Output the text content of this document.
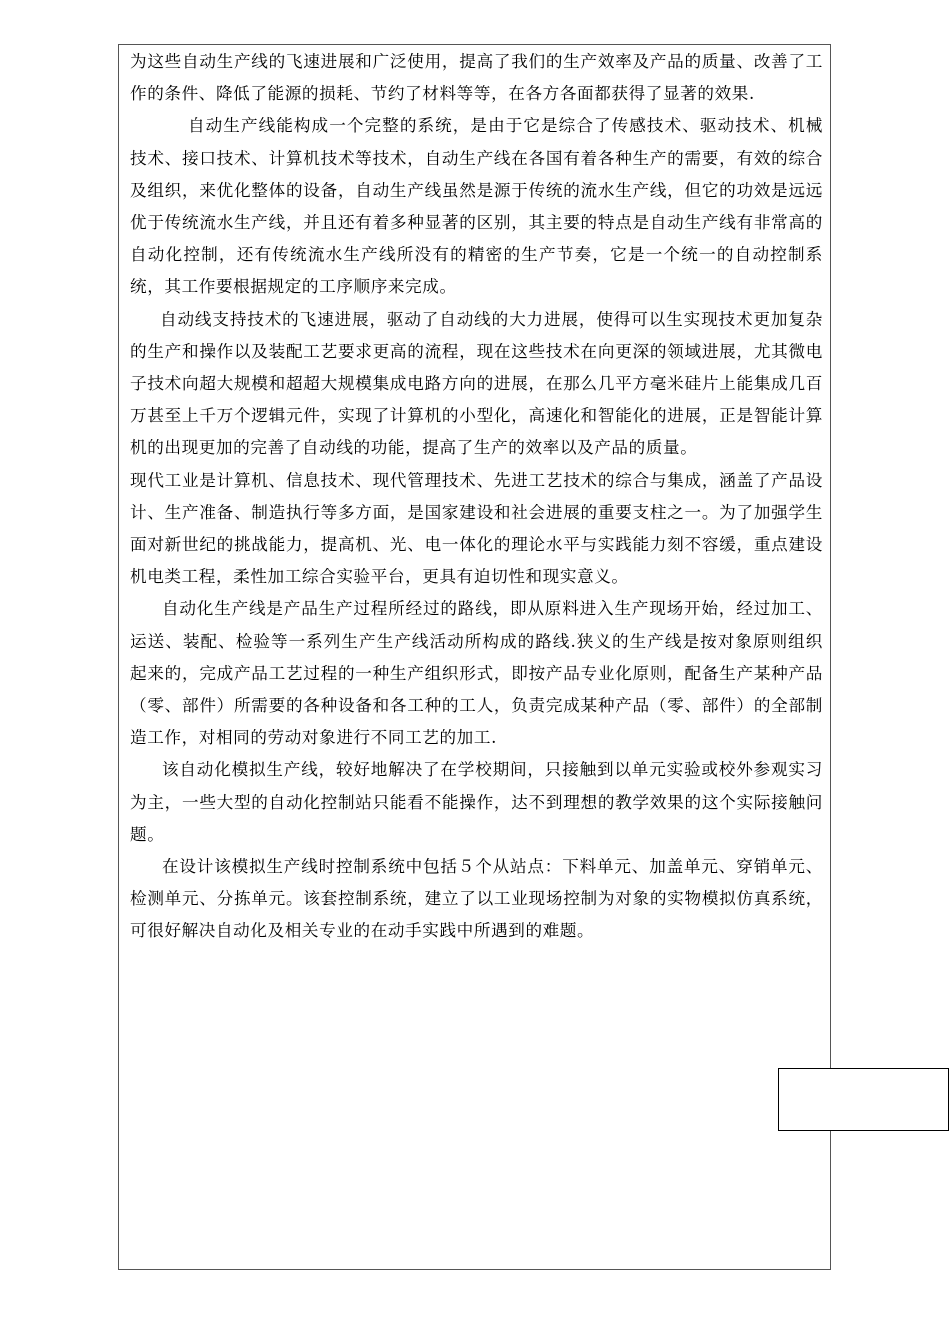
为这些自动生产线的飞速进展和广泛使用，提高了我们的生产效率及产品的质量、改善了工作的条件、降低了能源的损耗、节约了材料等等，在各方各面都获得了显著的效果.

自动生产线能构成一个完整的系统，是由于它是综合了传感技术、驱动技术、机械技术、接口技术、计算机技术等技术，自动生产线在各国有着各种生产的需要，有效的综合及组织，来优化整体的设备，自动生产线虽然是源于传统的流水生产线，但它的功效是远远优于传统流水生产线，并且还有着多种显著的区别，其主要的特点是自动生产线有非常高的自动化控制，还有传统流水生产线所没有的精密的生产节奏，它是一个统一的自动控制系统，其工作要根据规定的工序顺序来完成。

自动线支持技术的飞速进展，驱动了自动线的大力进展，使得可以生实现技术更加复杂的生产和操作以及装配工艺要求更高的流程，现在这些技术在向更深的领域进展，尤其微电子技术向超大规模和超超大规模集成电路方向的进展，在那么几平方毫米硅片上能集成几百万甚至上千万个逻辑元件，实现了计算机的小型化，高速化和智能化的进展，正是智能计算机的出现更加的完善了自动线的功能，提高了生产的效率以及产品的质量。

现代工业是计算机、信息技术、现代管理技术、先进工艺技术的综合与集成，涵盖了产品设计、生产准备、制造执行等多方面，是国家建设和社会进展的重要支柱之一。为了加强学生面对新世纪的挑战能力，提高机、光、电一体化的理论水平与实践能力刻不容缓，重点建设机电类工程，柔性加工综合实验平台，更具有迫切性和现实意义。

自动化生产线是产品生产过程所经过的路线，即从原料进入生产现场开始，经过加工、运送、装配、检验等一系列生产生产线活动所构成的路线.狭义的生产线是按对象原则组织起来的，完成产品工艺过程的一种生产组织形式，即按产品专业化原则，配备生产某种产品（零、部件）所需要的各种设备和各工种的工人，负责完成某种产品（零、部件）的全部制造工作，对相同的劳动对象进行不同工艺的加工.

该自动化模拟生产线，较好地解决了在学校期间，只接触到以单元实验或校外参观实习为主，一些大型的自动化控制站只能看不能操作，达不到理想的教学效果的这个实际接触问题。

在设计该模拟生产线时控制系统中包括５个从站点：下料单元、加盖单元、穿销单元、检测单元、分拣单元。该套控制系统，建立了以工业现场控制为对象的实物模拟仿真系统，可很好解决自动化及相关专业的在动手实践中所遇到的难题。
